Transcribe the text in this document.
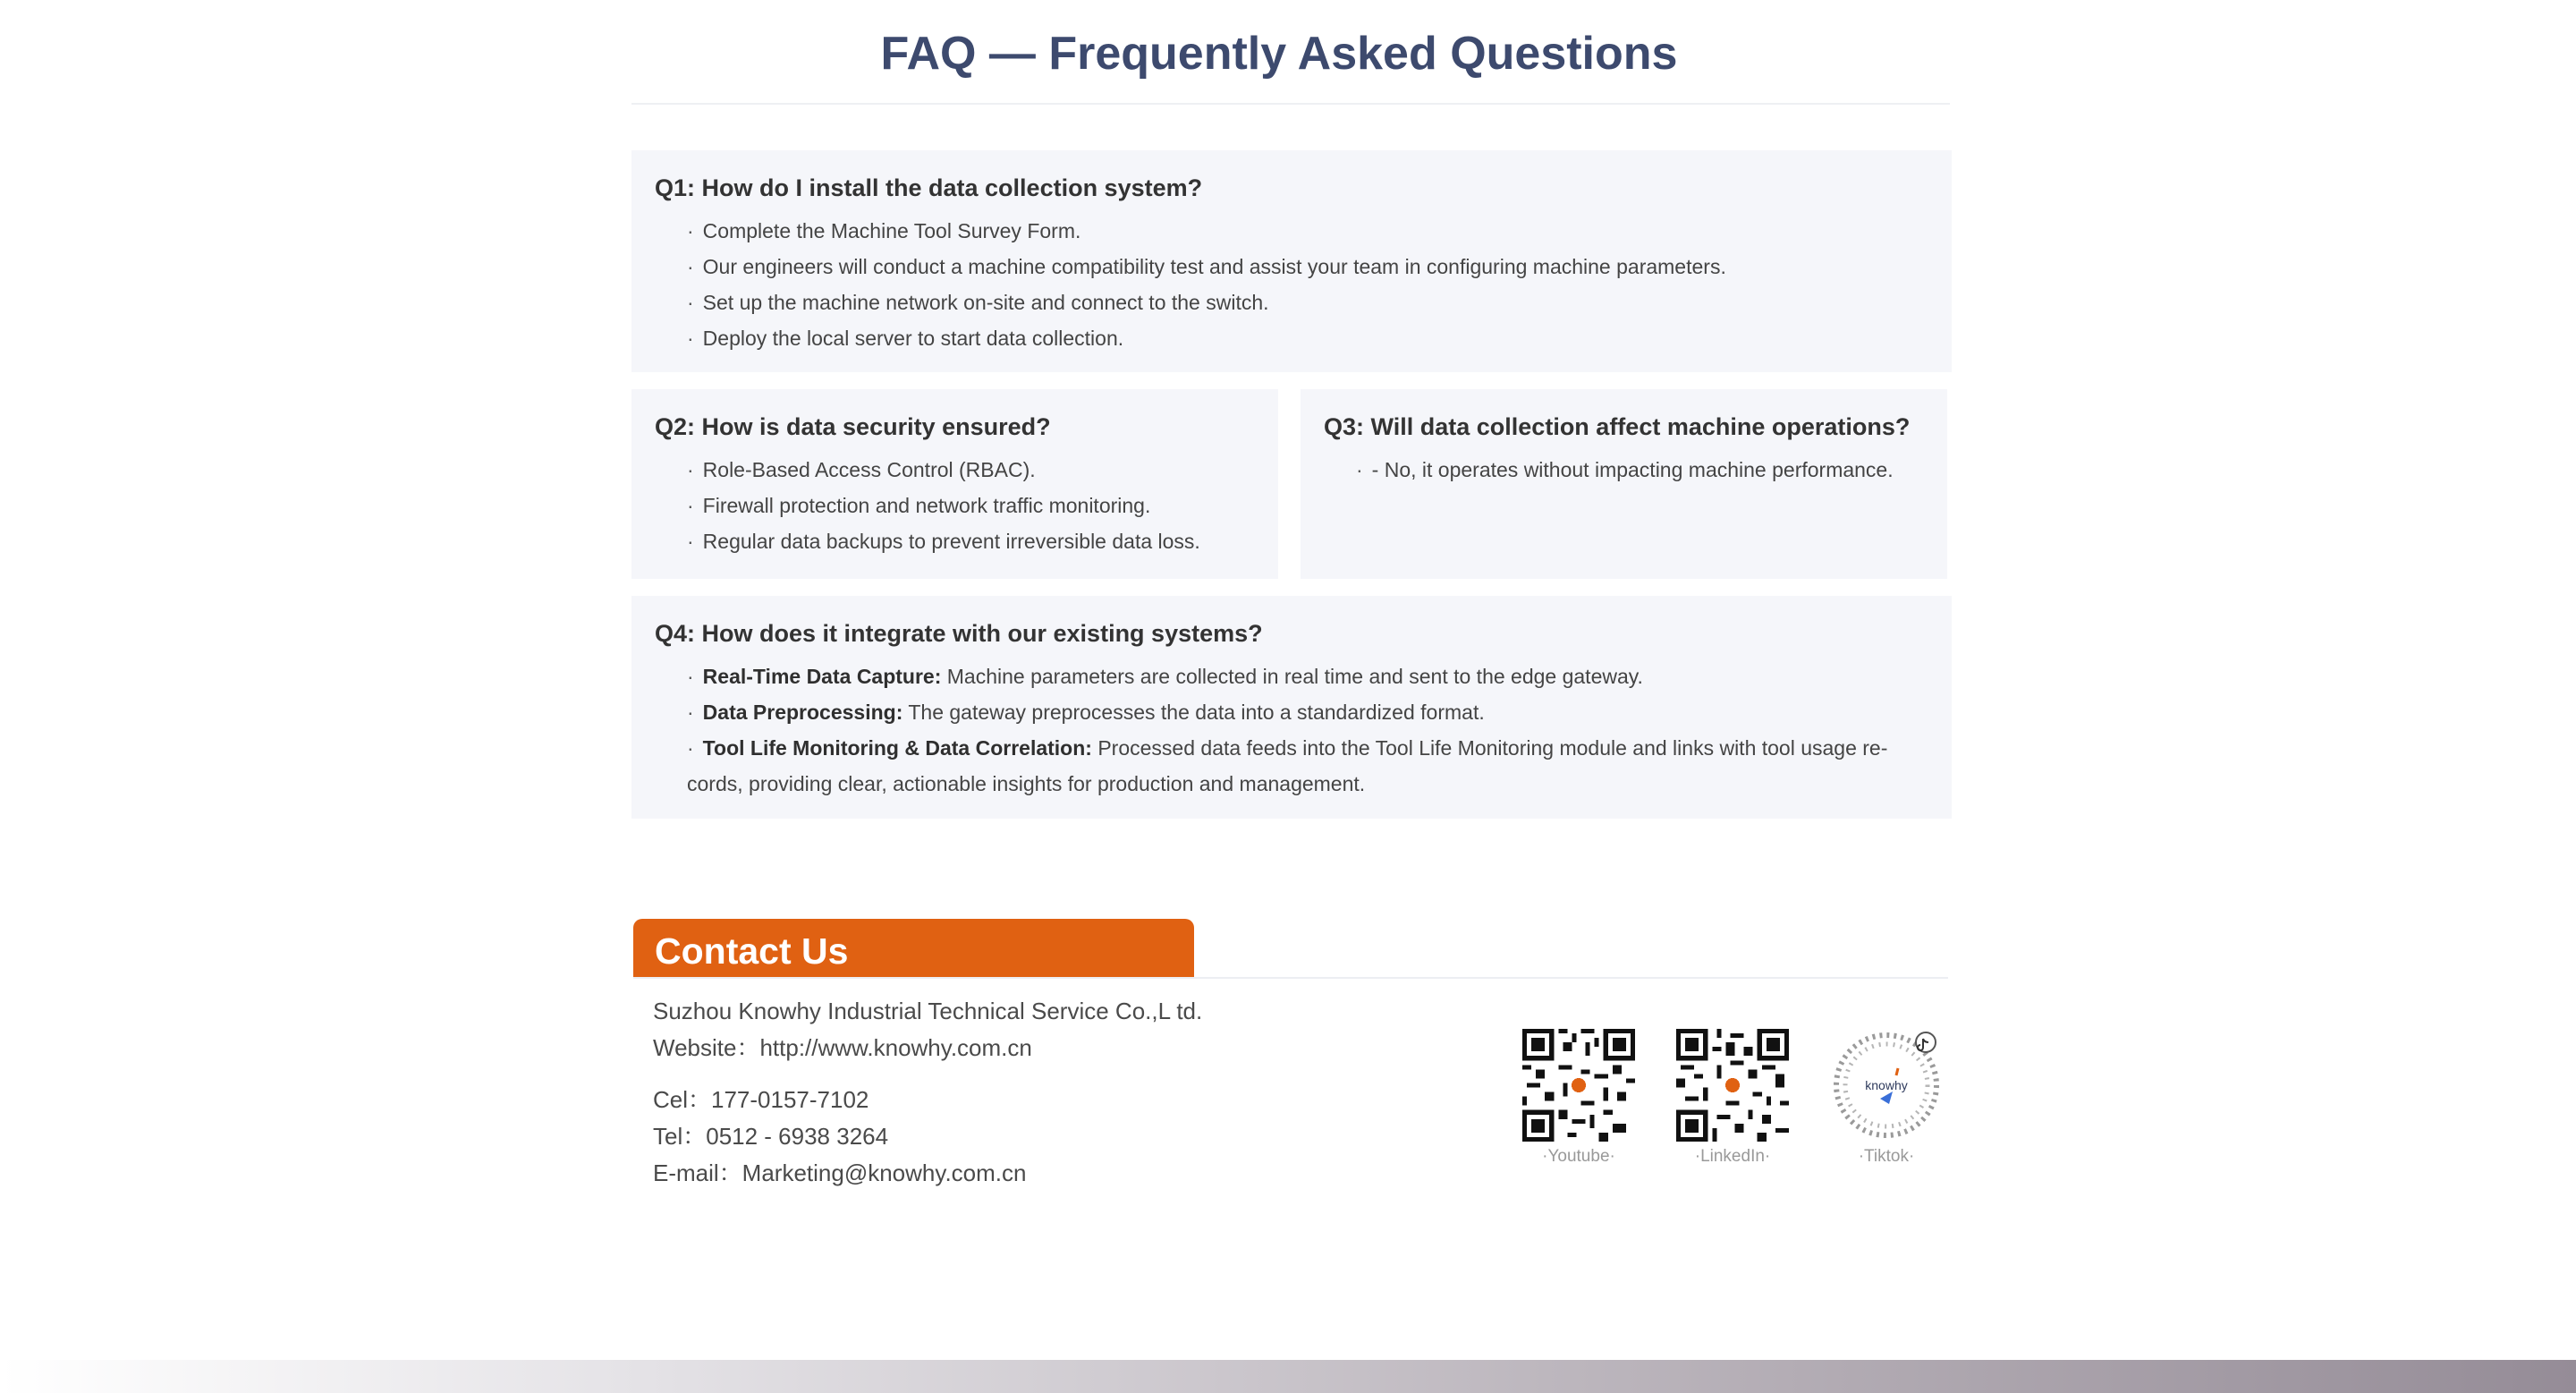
FAQ — Frequently Asked Questions
Q1: How do I install the data collection system?
· Complete the Machine Tool Survey Form.
· Our engineers will conduct a machine compatibility test and assist your team in configuring machine parameters.
· Set up the machine network on-site and connect to the switch.
· Deploy the local server to start data collection.
Q2: How is data security ensured?
· Role-Based Access Control (RBAC).
· Firewall protection and network traffic monitoring.
· Regular data backups to prevent irreversible data loss.
Q3: Will data collection affect machine operations?
· - No, it operates without impacting machine performance.
Q4: How does it integrate with our existing systems?
· Real-Time Data Capture: Machine parameters are collected in real time and sent to the edge gateway.
· Data Preprocessing: The gateway preprocesses the data into a standardized format.
· Tool Life Monitoring & Data Correlation: Processed data feeds into the Tool Life Monitoring module and links with tool usage re-cords, providing clear, actionable insights for production and management.
Contact Us
Suzhou Knowhy Industrial Technical Service Co.,L td.
Website：http://www.knowhy.com.cn
Cel：177-0157-7102
Tel：0512 - 6938 3264
E-mail：Marketing@knowhy.com.cn
·Youtube·	·LinkedIn·
knowhy
·Tiktok·
